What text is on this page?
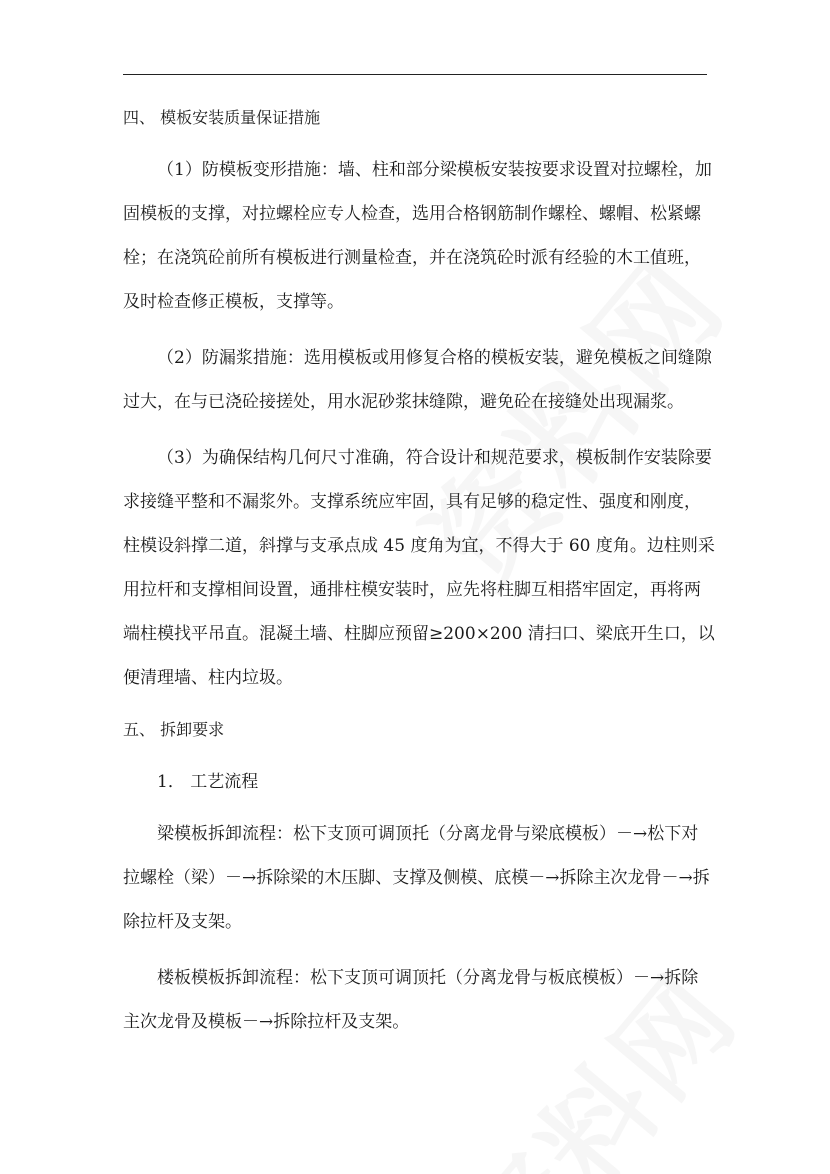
四、 模板安装质量保证措施
（1）防模板变形措施：墙、柱和部分梁模板安装按要求设置对拉螺栓，加
固模板的支撑，对拉螺栓应专人检查，选用合格钢筋制作螺栓、螺帽、松紧螺
栓；在浇筑砼前所有模板进行测量检查，并在浇筑砼时派有经验的木工值班，
及时检查修正模板，支撑等。
（2）防漏浆措施：选用模板或用修复合格的模板安装，避免模板之间缝隙
过大，在与已浇砼接搓处，用水泥砂浆抹缝隙，避免砼在接缝处出现漏浆。
（3）为确保结构几何尺寸准确，符合设计和规范要求，模板制作安装除要
求接缝平整和不漏浆外。支撑系统应牢固，具有足够的稳定性、强度和刚度，
柱模设斜撑二道，斜撑与支承点成 45 度角为宜，不得大于 60 度角。边柱则采
用拉杆和支撑相间设置，通排柱模安装时，应先将柱脚互相搭牢固定，再将两
端柱模找平吊直。混凝土墙、柱脚应预留≥200×200 清扫口、梁底开生口，以
便清理墙、柱内垃圾。
五、 拆卸要求
1． 工艺流程
梁模板拆卸流程：松下支顶可调顶托（分离龙骨与梁底模板）－→松下对
拉螺栓（梁）－→拆除梁的木压脚、支撑及侧模、底模－→拆除主次龙骨－→拆
除拉杆及支架。
楼板模板拆卸流程：松下支顶可调顶托（分离龙骨与板底模板）－→拆除
主次龙骨及模板－→拆除拉杆及支架。
